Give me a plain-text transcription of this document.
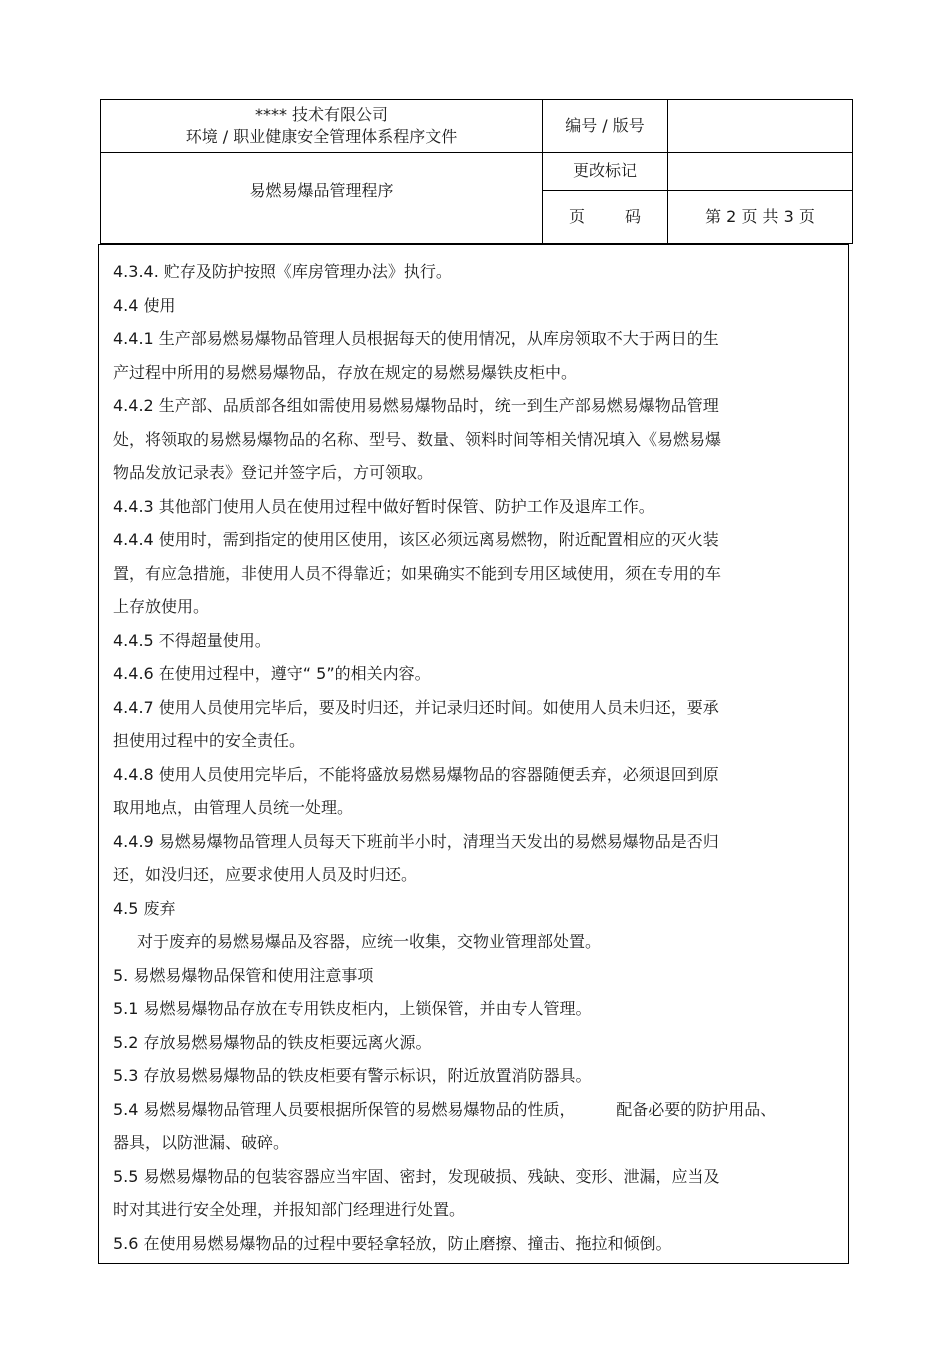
**** 技术有限公司
环境 / 职业健康安全管理体系程序文件	编号 / 版号	

易燃易爆品管理程序	更改标记	
	页 码	第 2 页 共 3 页

4.3.4. 贮存及防护按照《库房管理办法》执行。

4.4 使用

4.4.1 生产部易燃易爆物品管理人员根据每天的使用情况，从库房领取不大于两日的生

产过程中所用的易燃易爆物品，存放在规定的易燃易爆铁皮柜中。

4.4.2 生产部、品质部各组如需使用易燃易爆物品时，统一到生产部易燃易爆物品管理

处，将领取的易燃易爆物品的名称、型号、数量、领料时间等相关情况填入《易燃易爆

物品发放记录表》登记并签字后，方可领取。

4.4.3 其他部门使用人员在使用过程中做好暂时保管、防护工作及退库工作。

4.4.4 使用时，需到指定的使用区使用，该区必须远离易燃物，附近配置相应的灭火装

置，有应急措施，非使用人员不得靠近；如果确实不能到专用区域使用，须在专用的车

上存放使用。

4.4.5 不得超量使用。

4.4.6 在使用过程中，遵守“ 5”的相关内容。

4.4.7 使用人员使用完毕后，要及时归还，并记录归还时间。如使用人员未归还，要承

担使用过程中的安全责任。

4.4.8 使用人员使用完毕后，不能将盛放易燃易爆物品的容器随便丢弃，必须退回到原

取用地点，由管理人员统一处理。

4.4.9 易燃易爆物品管理人员每天下班前半小时，清理当天发出的易燃易爆物品是否归

还，如没归还，应要求使用人员及时归还。

4.5 废弃

对于废弃的易燃易爆品及容器，应统一收集，交物业管理部处置。

5. 易燃易爆物品保管和使用注意事项

5.1 易燃易爆物品存放在专用铁皮柜内，上锁保管，并由专人管理。

5.2 存放易燃易爆物品的铁皮柜要远离火源。

5.3 存放易燃易爆物品的铁皮柜要有警示标识，附近放置消防器具。

5.4 易燃易爆物品管理人员要根据所保管的易燃易爆物品的性质，        配备必要的防护用品、

器具，以防泄漏、破碎。

5.5 易燃易爆物品的包装容器应当牢固、密封，发现破损、残缺、变形、泄漏，应当及

时对其进行安全处理，并报知部门经理进行处置。

5.6 在使用易燃易爆物品的过程中要轻拿轻放，防止磨擦、撞击、拖拉和倾倒。
